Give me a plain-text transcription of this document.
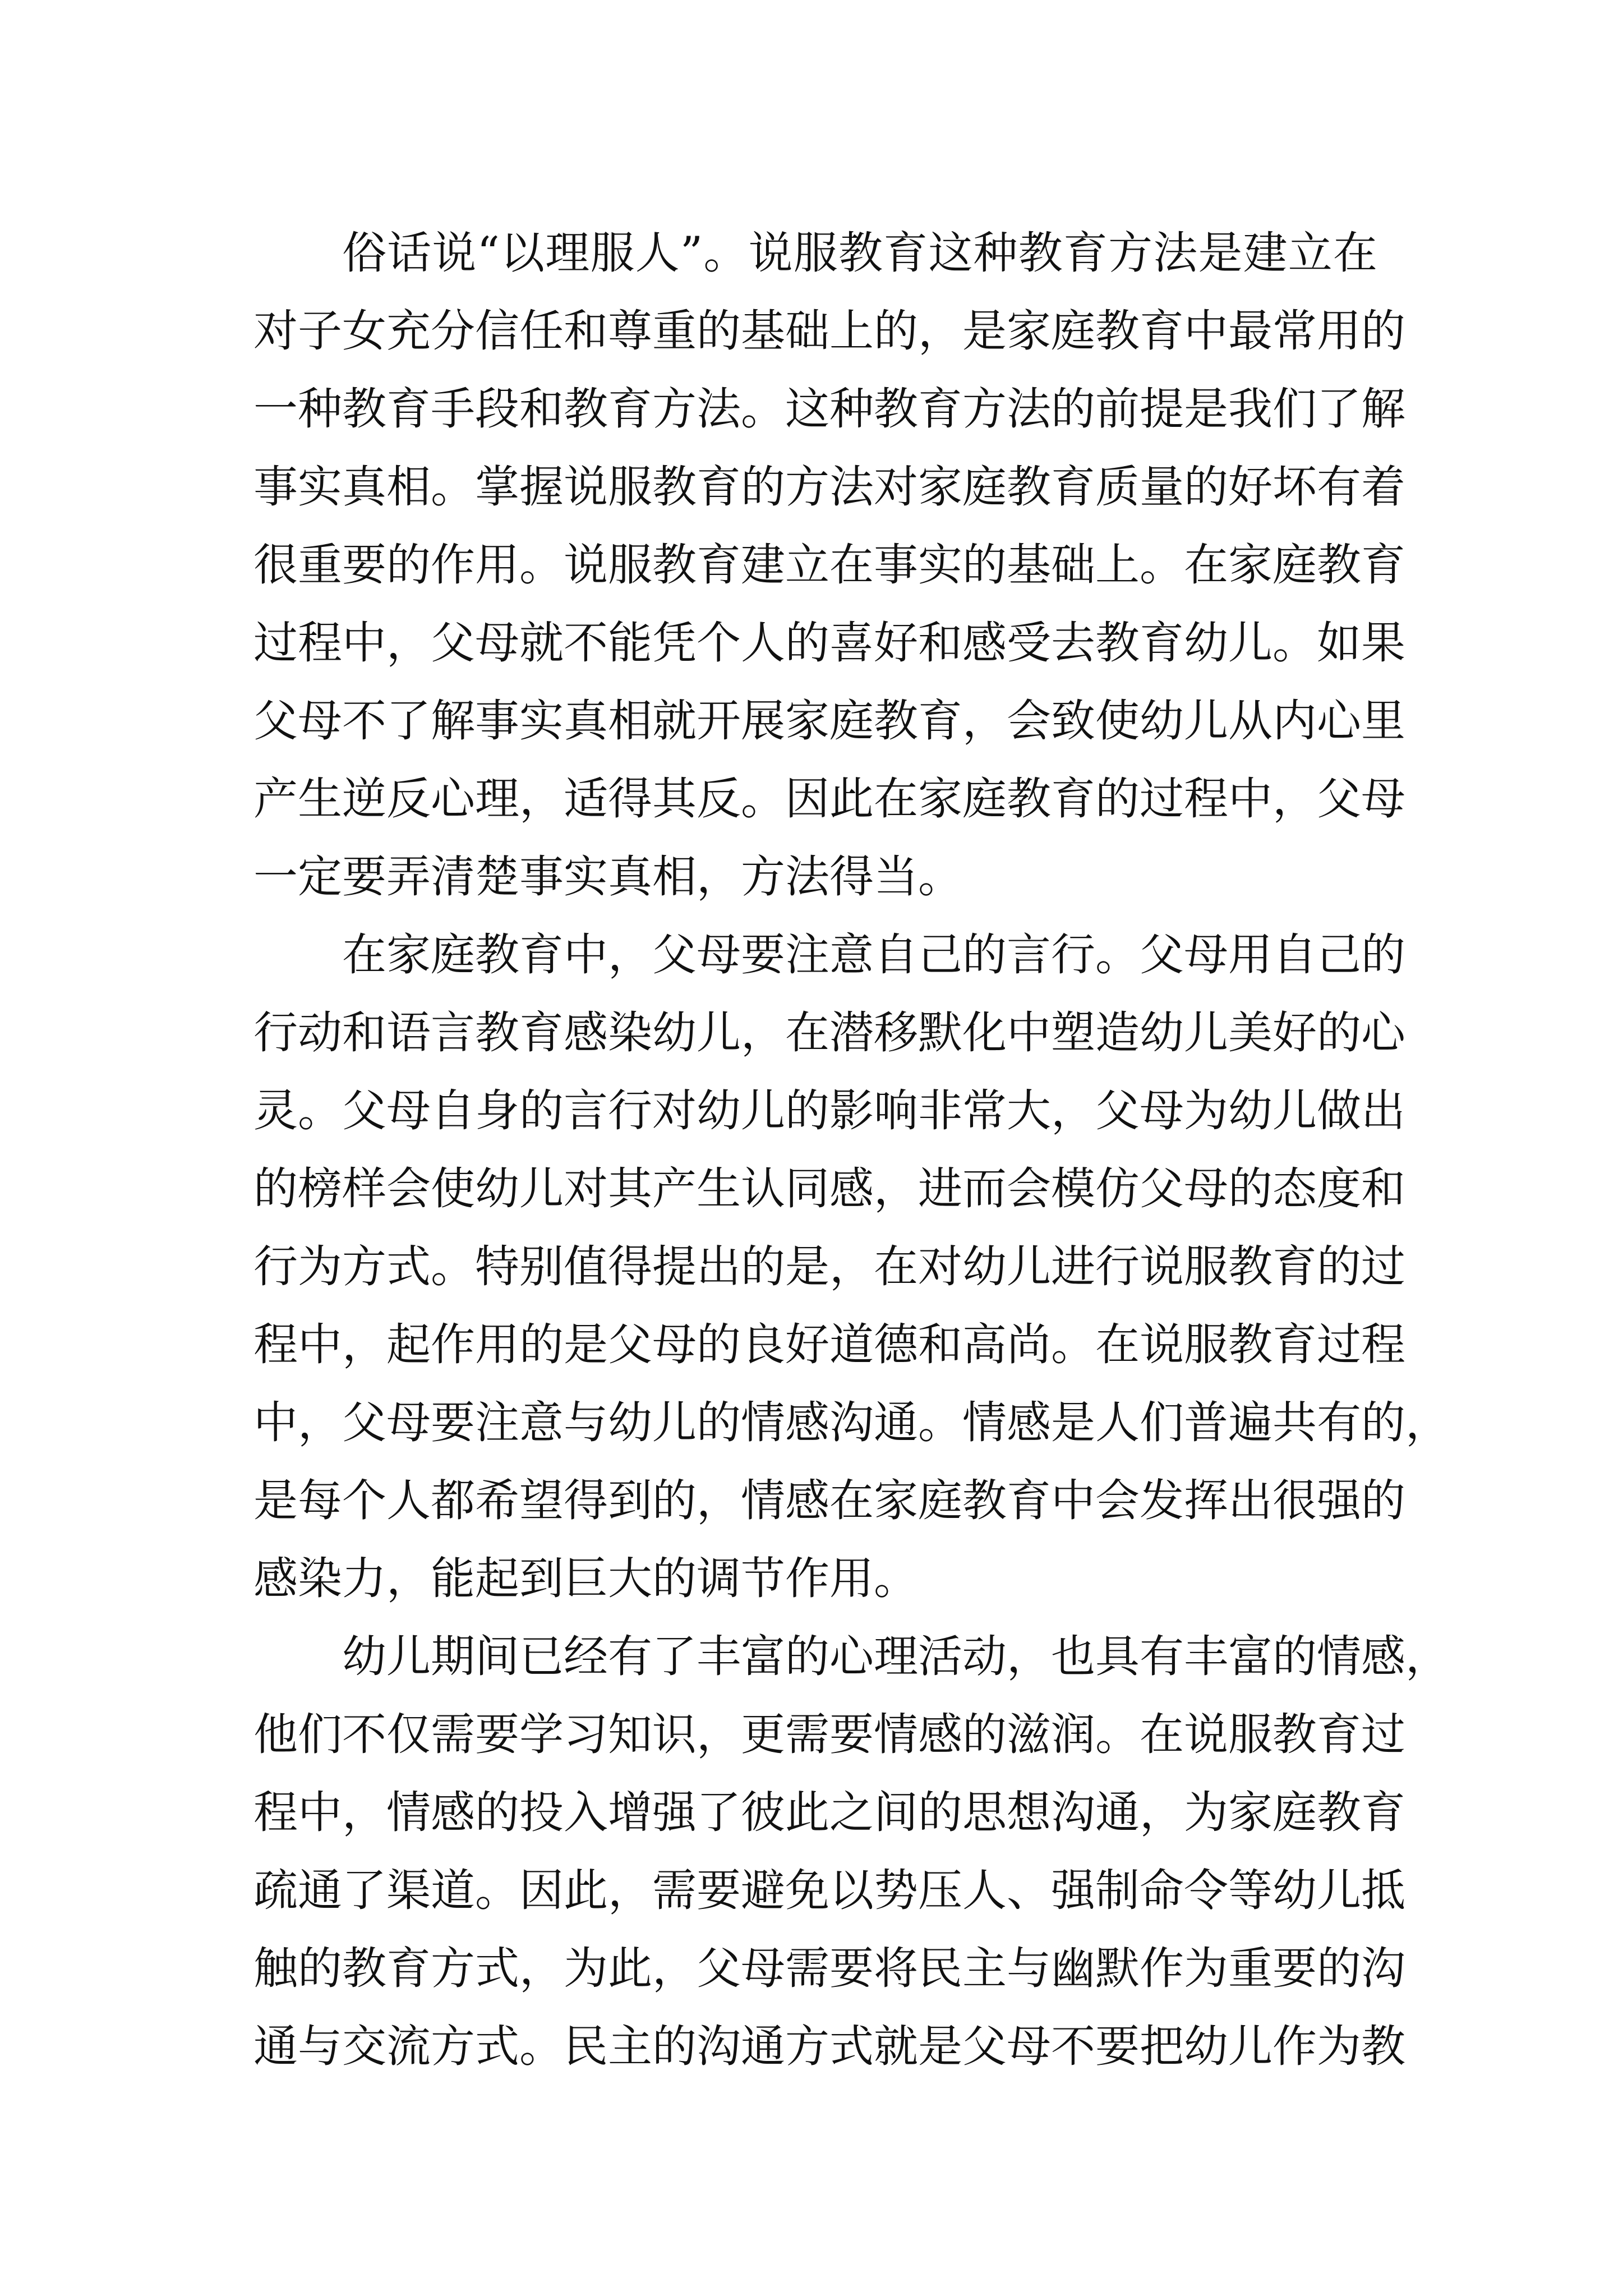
俗话说“以理服人”。说服教育这种教育方法是建立在
对子女充分信任和尊重的基础上的，是家庭教育中最常用的
一种教育手段和教育方法。这种教育方法的前提是我们了解
事实真相。掌握说服教育的方法对家庭教育质量的好坏有着
很重要的作用。说服教育建立在事实的基础上。在家庭教育
过程中，父母就不能凭个人的喜好和感受去教育幼儿。如果
父母不了解事实真相就开展家庭教育，会致使幼儿从内心里
产生逆反心理，适得其反。因此在家庭教育的过程中，父母
一定要弄清楚事实真相，方法得当。
在家庭教育中，父母要注意自己的言行。父母用自己的
行动和语言教育感染幼儿，在潜移默化中塑造幼儿美好的心
灵。父母自身的言行对幼儿的影响非常大，父母为幼儿做出
的榜样会使幼儿对其产生认同感，进而会模仿父母的态度和
行为方式。特别值得提出的是，在对幼儿进行说服教育的过
程中，起作用的是父母的良好道德和高尚。在说服教育过程
中，父母要注意与幼儿的情感沟通。情感是人们普遍共有的，
是每个人都希望得到的，情感在家庭教育中会发挥出很强的
感染力，能起到巨大的调节作用。
幼儿期间已经有了丰富的心理活动，也具有丰富的情感，
他们不仅需要学习知识，更需要情感的滋润。在说服教育过
程中，情感的投入增强了彼此之间的思想沟通，为家庭教育
疏通了渠道。因此，需要避免以势压人、强制命令等幼儿抵
触的教育方式，为此，父母需要将民主与幽默作为重要的沟
通与交流方式。民主的沟通方式就是父母不要把幼儿作为教
